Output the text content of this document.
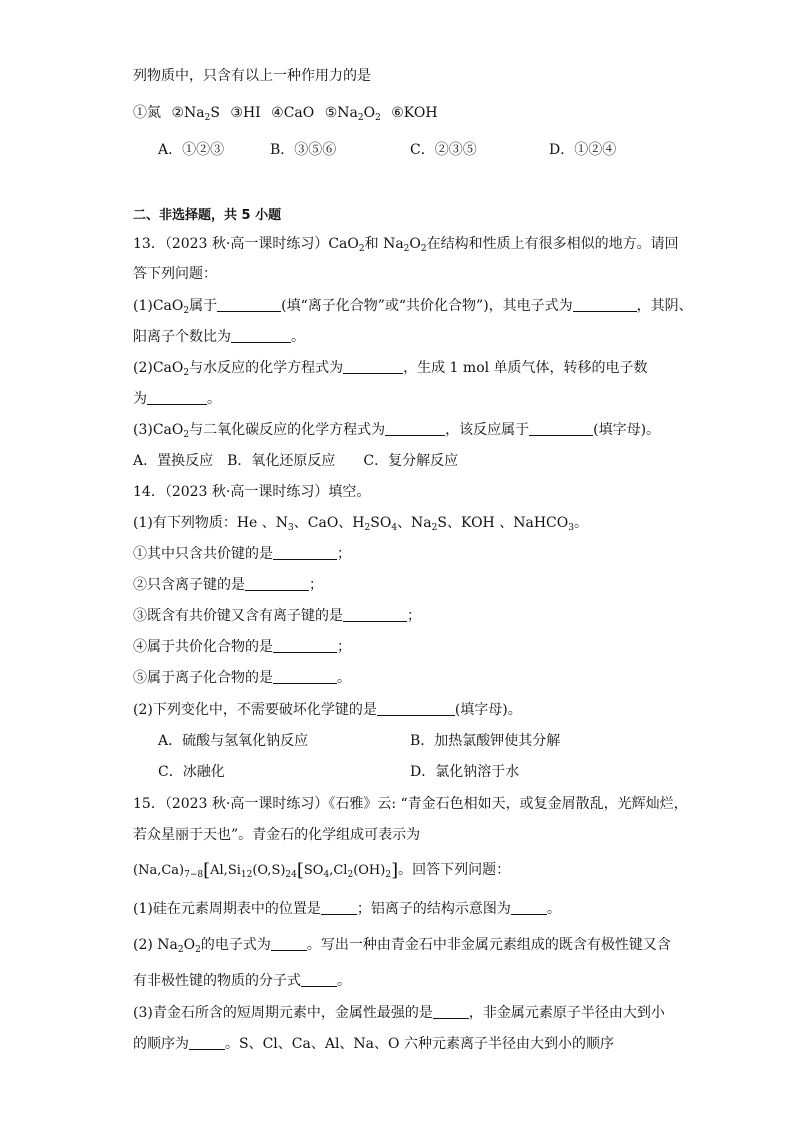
列物质中，只含有以上一种作用力的是
①氮 $②Na_2S$ ③HI ④CaO $⑤Na_2O_2$ ⑥KOH
A．①②③	B．③⑤⑥	C．②③⑤	D．①②④
二、非选择题，共 5 小题
13．（2023 秋·高一课时练习）CaO$_2$和 $Na_2O_2$在结构和性质上有很多相似的地方。请回
答下列问题：
(1)CaO$_2$属于	(填“离子化合物”或“共价化合物”)，其电子式为	，其阴、
阳离子个数比为	。
(2)CaO$_2$与水反应的化学方程式为	，生成 1 mol 单质气体，转移的电子数
为	。
(3)CaO$_2$与二氧化碳反应的化学方程式为	，该反应属于	(填字母)。
A．置换反应　B．氧化还原反应　　C．复分解反应
14．（2023 秋·高一课时练习）填空。
(1)有下列物质：He 、$N_3$、CaO、$H_2SO_4$、$Na_2S$、KOH 、NaHCO$_3$。
①其中只含共价键的是	；
②只含离子键的是	；
③既含有共价键又含有离子键的是	；
④属于共价化合物的是	；
⑤属于离子化合物的是	。
(2)下列变化中，不需要破坏化学键的是	(填字母)。
A．硫酸与氢氧化钠反应	B．加热氯酸钾使其分解
C．冰融化	D．氯化钠溶于水
15．（2023 秋·高一课时练习）《石雅》云: “青金石色相如天，或复金屑散乱，光辉灿烂，
若众星丽于天也”。青金石的化学组成可表示为
$(Na,Ca)_{7-8}[Al,Si_{12}(O,S)_{24}[SO_4,Cl_2(OH)_2]$。回答下列问题：
(1)硅在元素周期表中的位置是	；铝离子的结构示意图为	。
(2) $Na_2O_2$的电子式为	。写出一种由青金石中非金属元素组成的既含有极性键又含
有非极性键的物质的分子式	。
(3)青金石所含的短周期元素中，金属性最强的是	，非金属元素原子半径由大到小
的顺序为	。S、Cl、Ca、Al、Na、O 六种元素离子半径由大到小的顺序
